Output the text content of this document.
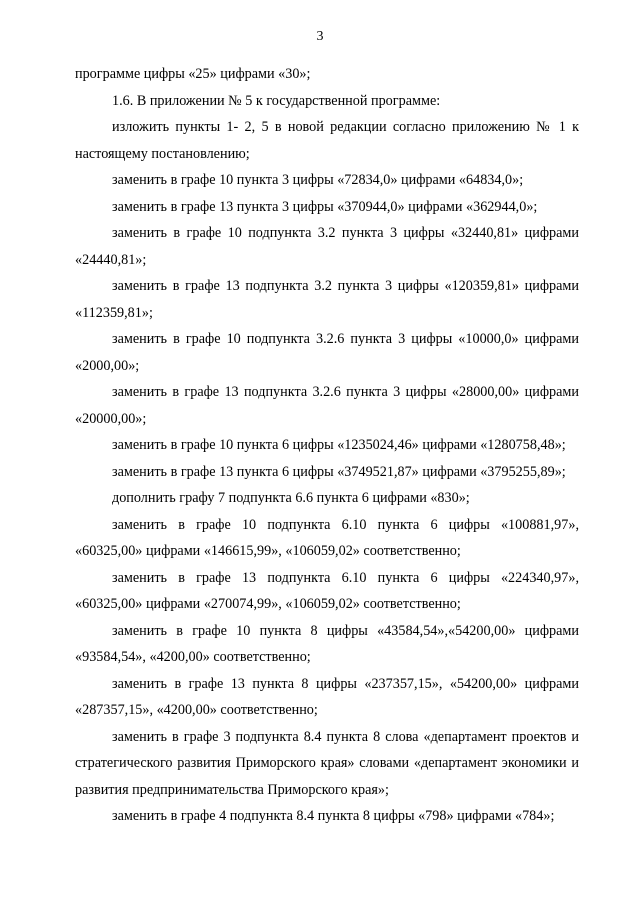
3

программе цифры «25» цифрами «30»;

1.6. В приложении № 5 к государственной программе:

изложить пункты 1- 2, 5 в новой редакции согласно приложению № 1 к настоящему постановлению;

заменить в графе 10 пункта 3 цифры «72834,0» цифрами «64834,0»;

заменить в графе 13 пункта 3 цифры «370944,0» цифрами «362944,0»;

заменить в графе 10 подпункта 3.2 пункта 3 цифры «32440,81» цифрами «24440,81»;

заменить в графе 13 подпункта 3.2 пункта 3 цифры «120359,81» цифрами «112359,81»;

заменить в графе 10 подпункта 3.2.6 пункта 3 цифры «10000,0» цифрами «2000,00»;

заменить в графе 13 подпункта 3.2.6 пункта 3 цифры «28000,00» цифрами «20000,00»;

заменить в графе 10 пункта 6 цифры «1235024,46» цифрами «1280758,48»;

заменить в графе 13 пункта 6 цифры «3749521,87» цифрами «3795255,89»;

дополнить графу 7 подпункта 6.6 пункта 6 цифрами «830»;

заменить в графе 10 подпункта 6.10 пункта 6 цифры «100881,97», «60325,00» цифрами «146615,99», «106059,02» соответственно;

заменить в графе 13 подпункта 6.10 пункта 6 цифры «224340,97», «60325,00» цифрами «270074,99», «106059,02» соответственно;

заменить в графе 10 пункта 8 цифры «43584,54»,«54200,00» цифрами «93584,54», «4200,00» соответственно;

заменить в графе 13 пункта 8 цифры «237357,15», «54200,00» цифрами «287357,15», «4200,00» соответственно;

заменить в графе 3 подпункта 8.4 пункта 8 слова «департамент проектов и стратегического развития Приморского края» словами «департамент экономики и развития предпринимательства Приморского края»;

заменить в графе 4 подпункта 8.4 пункта 8 цифры «798» цифрами «784»;
